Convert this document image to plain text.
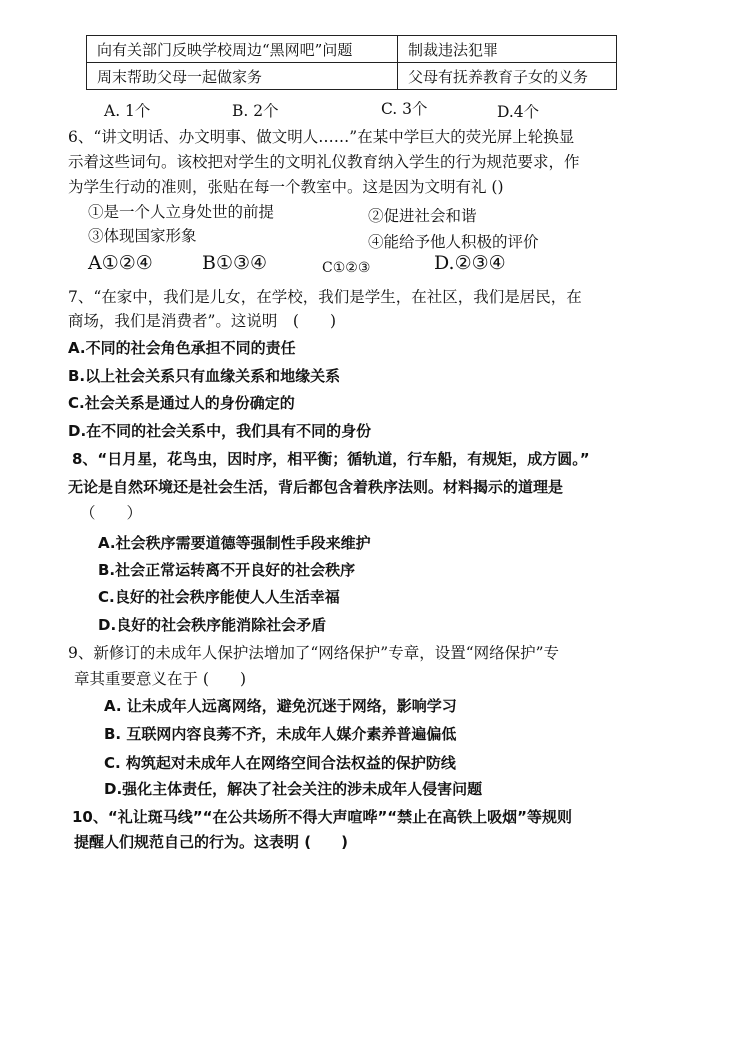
向有关部门反映学校周边“黑网吧”问题	制裁违法犯罪
周末帮助父母一起做家务	父母有抚养教育子女的义务
A. 1个	B. 2个	C. 3个	D.4个
6、“讲文明话、办文明事、做文明人……”在某中学巨大的荧光屏上轮换显
示着这些词句。该校把对学生的文明礼仪教育纳入学生的行为规范要求，作
为学生行动的准则，张贴在每一个教室中。这是因为文明有礼 ()
①是一个人立身处世的前提	②促进社会和谐
③体现国家形象	④能给予他人积极的评价
A①②④	B①③④	C①②③	D.②③④
7、“在家中，我们是儿女，在学校，我们是学生，在社区，我们是居民，在
商场，我们是消费者”。这说明　(　　)
A.不同的社会角色承担不同的责任
B.以上社会关系只有血缘关系和地缘关系
C.社会关系是通过人的身份确定的
D.在不同的社会关系中，我们具有不同的身份
8、“日月星，花鸟虫，因时序，相平衡；循轨道，行车船，有规矩，成方圆。”
无论是自然环境还是社会生活，背后都包含着秩序法则。材料揭示的道理是
（　　）
A.社会秩序需要道德等强制性手段来维护
B.社会正常运转离不开良好的社会秩序
C.良好的社会秩序能使人人生活幸福
D.良好的社会秩序能消除社会矛盾
9、新修订的未成年人保护法增加了“网络保护”专章，设置“网络保护”专
章其重要意义在于 (　　)
A. 让未成年人远离网络，避免沉迷于网络，影响学习
B. 互联网内容良莠不齐，未成年人媒介素养普遍偏低
C. 构筑起对未成年人在网络空间合法权益的保护防线
D.强化主体责任，解决了社会关注的涉未成年人侵害问题
10、“礼让斑马线”“在公共场所不得大声喧哗”“禁止在高铁上吸烟”等规则
提醒人们规范自己的行为。这表明 (　　)
